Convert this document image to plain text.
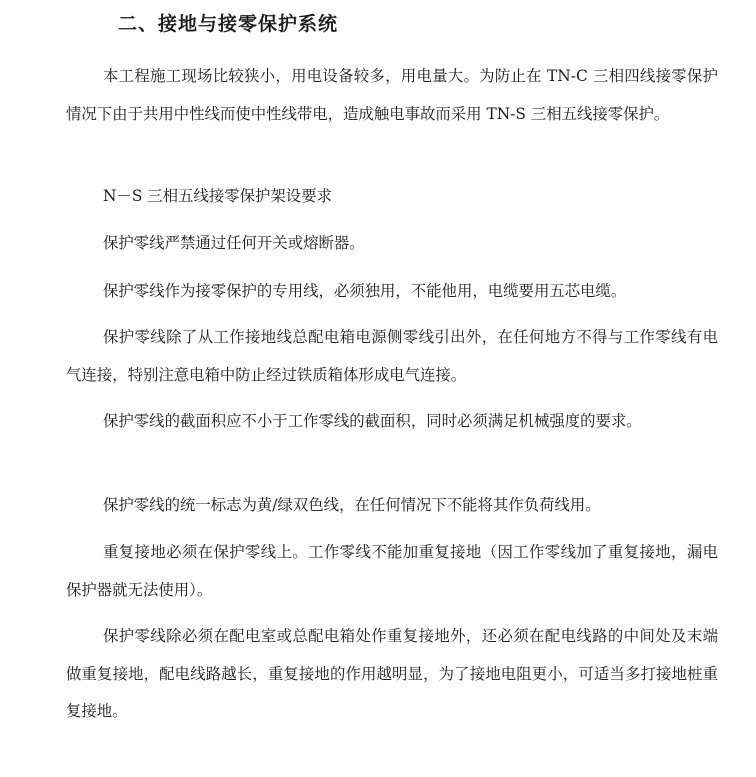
二、接地与接零保护系统

本工程施工现场比较狭小，用电设备较多，用电量大。为防止在 TN-C 三相四线接零保护情况下由于共用中性线而使中性线带电，造成触电事故而采用 TN-S 三相五线接零保护。

N－S 三相五线接零保护架设要求

保护零线严禁通过任何开关或熔断器。

保护零线作为接零保护的专用线，必须独用，不能他用，电缆要用五芯电缆。

保护零线除了从工作接地线总配电箱电源侧零线引出外，在任何地方不得与工作零线有电气连接，特别注意电箱中防止经过铁质箱体形成电气连接。

保护零线的截面积应不小于工作零线的截面积，同时必须满足机械强度的要求。

保护零线的统一标志为黄/绿双色线，在任何情况下不能将其作负荷线用。

重复接地必须在保护零线上。工作零线不能加重复接地（因工作零线加了重复接地，漏电保护器就无法使用）。

保护零线除必须在配电室或总配电箱处作重复接地外，还必须在配电线路的中间处及末端做重复接地，配电线路越长，重复接地的作用越明显，为了接地电阻更小，可适当多打接地桩重复接地。
